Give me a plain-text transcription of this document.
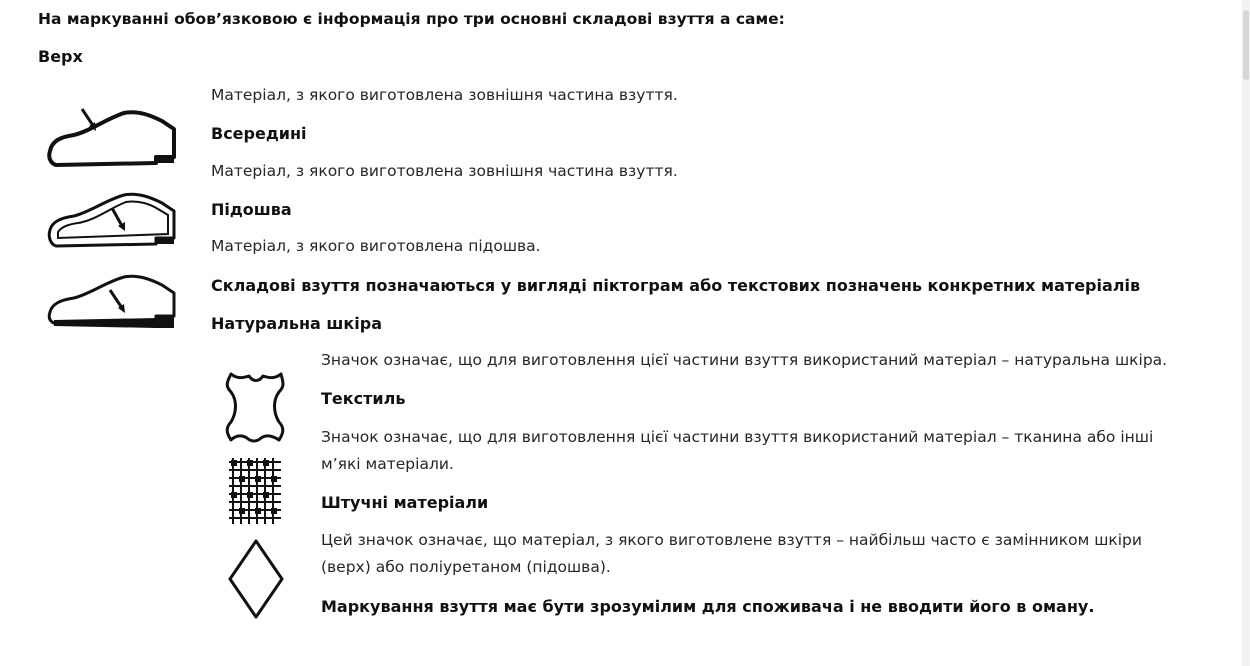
На маркуванні обов’язковою є інформація про три основні складові взуття а саме:
Верх
Матеріал, з якого виготовлена зовнішня частина взуття.
Всередині
Матеріал, з якого виготовлена зовнішня частина взуття.
Підошва
Матеріал, з якого виготовлена підошва.
Складові взуття позначаються у вигляді піктограм або текстових позначень конкретних матеріалів
Натуральна шкіра
Значок означає, що для виготовлення цієї частини взуття використаний матеріал – натуральна шкіра.
Текстиль
Значок означає, що для виготовлення цієї частини взуття використаний матеріал – тканина або інші м’які матеріали.
Штучні матеріали
Цей значок означає, що матеріал, з якого виготовлене взуття – найбільш часто є замінником шкіри (верх) або поліуретаном (підошва).
Маркування взуття має бути зрозумілим для споживача і не вводити його в оману.
